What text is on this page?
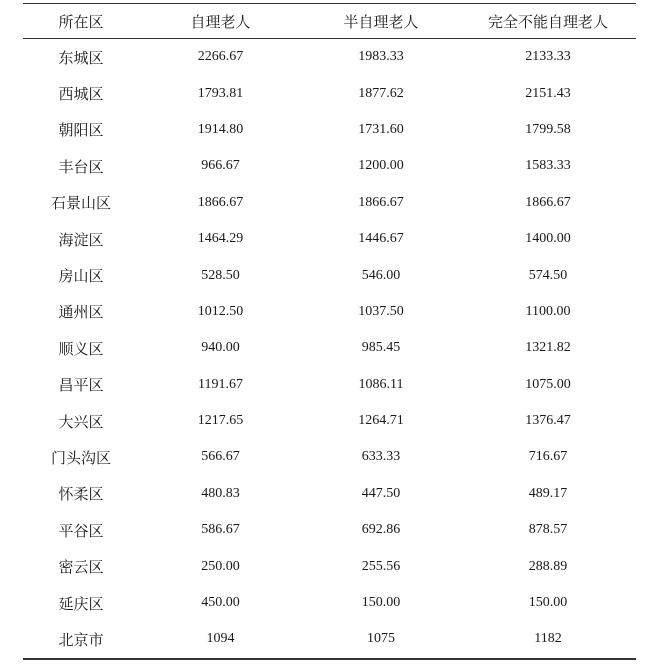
所在区	自理老人	半自理老人	完全不能自理老人
东城区	2266.67	1983.33	2133.33
西城区	1793.81	1877.62	2151.43
朝阳区	1914.80	1731.60	1799.58
丰台区	966.67	1200.00	1583.33
石景山区	1866.67	1866.67	1866.67
海淀区	1464.29	1446.67	1400.00
房山区	528.50	546.00	574.50
通州区	1012.50	1037.50	1100.00
顺义区	940.00	985.45	1321.82
昌平区	1191.67	1086.11	1075.00
大兴区	1217.65	1264.71	1376.47
门头沟区	566.67	633.33	716.67
怀柔区	480.83	447.50	489.17
平谷区	586.67	692.86	878.57
密云区	250.00	255.56	288.89
延庆区	450.00	150.00	150.00
北京市	1094	1075	1182
